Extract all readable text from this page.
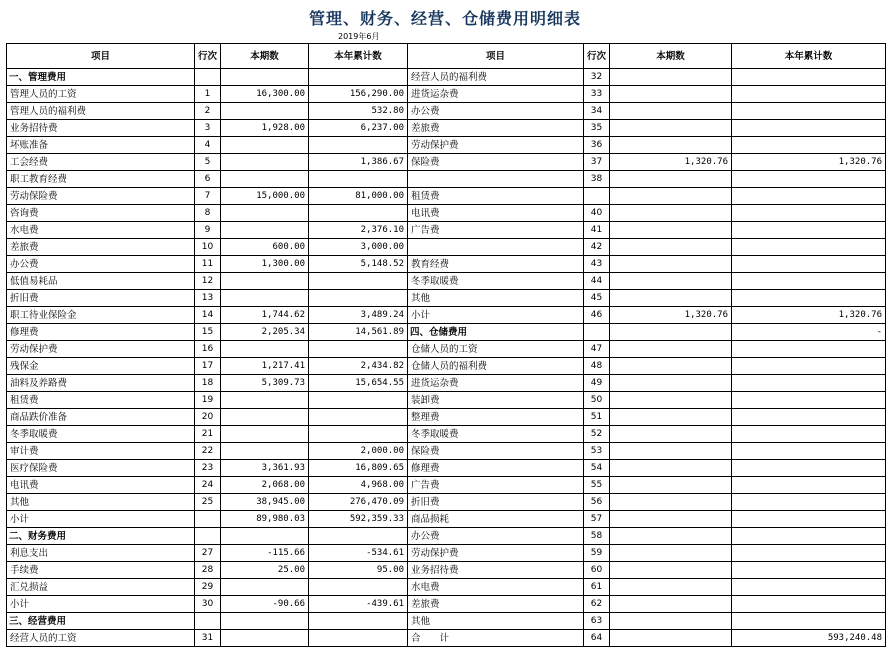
管理、财务、经营、仓储费用明细表
2019年6月
项目	行次	本期数	本年累计数	项目	行次	本期数	本年累计数
一、管理费用				经营人员的福利费	32		
管理人员的工资	1	16,300.00	156,290.00	进货运杂费	33		
管理人员的福利费	2		532.80	办公费	34		
业务招待费	3	1,928.00	6,237.00	差旅费	35		
坏账准备	4			劳动保护费	36		
工会经费	5		1,386.67	保险费	37	1,320.76	1,320.76
职工教育经费	6				38		
劳动保险费	7	15,000.00	81,000.00	租赁费			
咨询费	8			电讯费	40		
水电费	9		2,376.10	广告费	41		
差旅费	10	600.00	3,000.00		42		
办公费	11	1,300.00	5,148.52	教育经费	43		
低值易耗品	12			冬季取暖费	44		
折旧费	13			其他	45		
职工待业保险金	14	1,744.62	3,489.24	小计	46	1,320.76	1,320.76
修理费	15	2,205.34	14,561.89	四、仓储费用			-
劳动保护费	16			仓储人员的工资	47		
残保金	17	1,217.41	2,434.82	仓储人员的福利费	48		
油料及养路费	18	5,309.73	15,654.55	进货运杂费	49		
租赁费	19			装卸费	50		
商品跌价准备	20			整理费	51		
冬季取暖费	21			冬季取暖费	52		
审计费	22		2,000.00	保险费	53		
医疗保险费	23	3,361.93	16,809.65	修理费	54		
电讯费	24	2,068.00	4,968.00	广告费	55		
其他	25	38,945.00	276,470.09	折旧费	56		
小计		89,980.03	592,359.33	商品损耗	57		
二、财务费用				办公费	58		
利息支出	27	-115.66	-534.61	劳动保护费	59		
手续费	28	25.00	95.00	业务招待费	60		
汇兑损益	29			水电费	61		
小计	30	-90.66	-439.61	差旅费	62		
三、经营费用				其他	63		
经营人员的工资	31			合　　计	64		593,240.48
